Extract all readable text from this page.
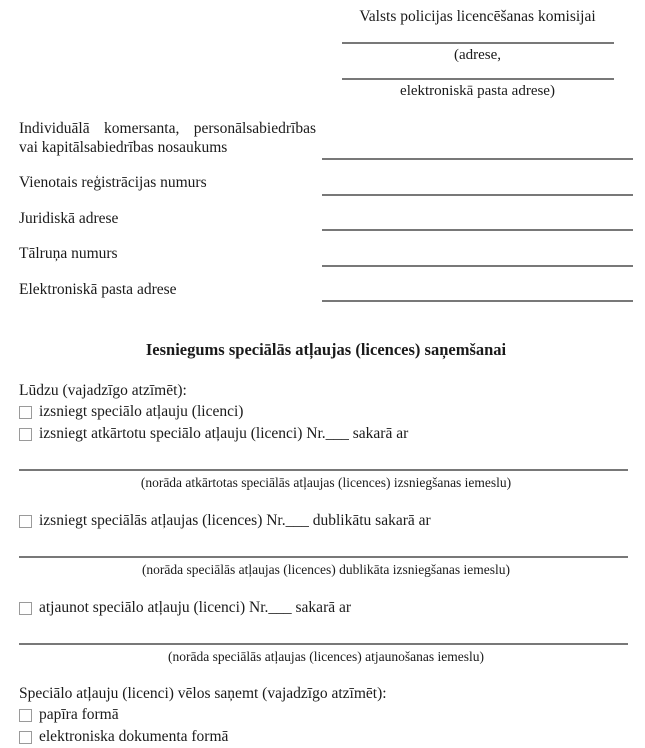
Valsts policijas licencēšanas komisijai
(adrese,
elektroniskā pasta adrese)
Individuālā komersanta, personālsabiedrības vai kapitālsabiedrības nosaukums
Vienotais reģistrācijas numurs
Juridiskā adrese
Tālruņa numurs
Elektroniskā pasta adrese
Iesniegums speciālās atļaujas (licences) saņemšanai
Lūdzu (vajadzīgo atzīmēt):
izsniegt speciālo atļauju (licenci)
izsniegt atkārtotu speciālo atļauju (licenci) Nr.___ sakarā ar
(norāda atkārtotas speciālās atļaujas (licences) izsniegšanas iemeslu)
izsniegt speciālās atļaujas (licences) Nr.___ dublikātu sakarā ar
(norāda speciālās atļaujas (licences) dublikāta izsniegšanas iemeslu)
atjaunot speciālo atļauju (licenci) Nr.___ sakarā ar
(norāda speciālās atļaujas (licences) atjaunošanas iemeslu)
Speciālo atļauju (licenci) vēlos saņemt (vajadzīgo atzīmēt):
papīra formā
elektroniska dokumenta formā
